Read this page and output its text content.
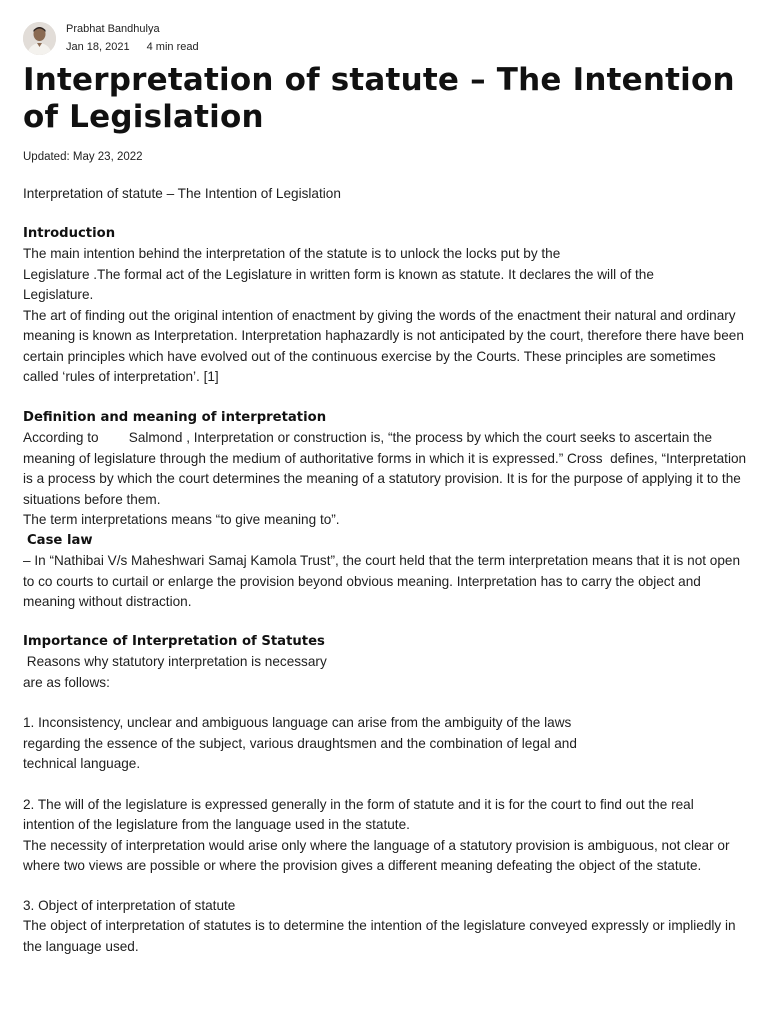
Prabhat Bandhulya
Jan 18, 2021 4 min read
Interpretation of statute – The Intention of Legislation
Updated: May 23, 2022

Interpretation of statute – The Intention of Legislation

Introduction

The main intention behind the interpretation of the statute is to unlock the locks put by the

Legislature .The formal act of the Legislature in written form is known as statute. It declares the will of the

Legislature.

The art of finding out the original intention of enactment by giving the words of the enactment their natural and ordinary meaning is known as Interpretation. Interpretation haphazardly is not anticipated by the court, therefore there have been certain principles which have evolved out of the continuous exercise by the Courts. These principles are sometimes called ‘rules of interpretation’. [1]

Definition and meaning of interpretation

According to        Salmond , Interpretation or construction is, “the process by which the court seeks to ascertain the meaning of legislature through the medium of authoritative forms in which it is expressed.” Cross  defines, “Interpretation is a process by which the court determines the meaning of a statutory provision. It is for the purpose of applying it to the situations before them.

The term interpretations means “to give meaning to”.

Case law

– In “Nathibai V/s Maheshwari Samaj Kamola Trust”, the court held that the term interpretation means that it is not open to co courts to curtail or enlarge the provision beyond obvious meaning. Interpretation has to carry the object and meaning without distraction.

Importance of Interpretation of Statutes

Reasons why statutory interpretation is necessary

are as follows:

1. Inconsistency, unclear and ambiguous language can arise from the ambiguity of the laws

regarding the essence of the subject, various draughtsmen and the combination of legal and

technical language.

2. The will of the legislature is expressed generally in the form of statute and it is for the court to find out the real intention of the legislature from the language used in the statute.

The necessity of interpretation would arise only where the language of a statutory provision is ambiguous, not clear or where two views are possible or where the provision gives a different meaning defeating the object of the statute.

3. Object of interpretation of statute

The object of interpretation of statutes is to determine the intention of the legislature conveyed expressly or impliedly in the language used.
